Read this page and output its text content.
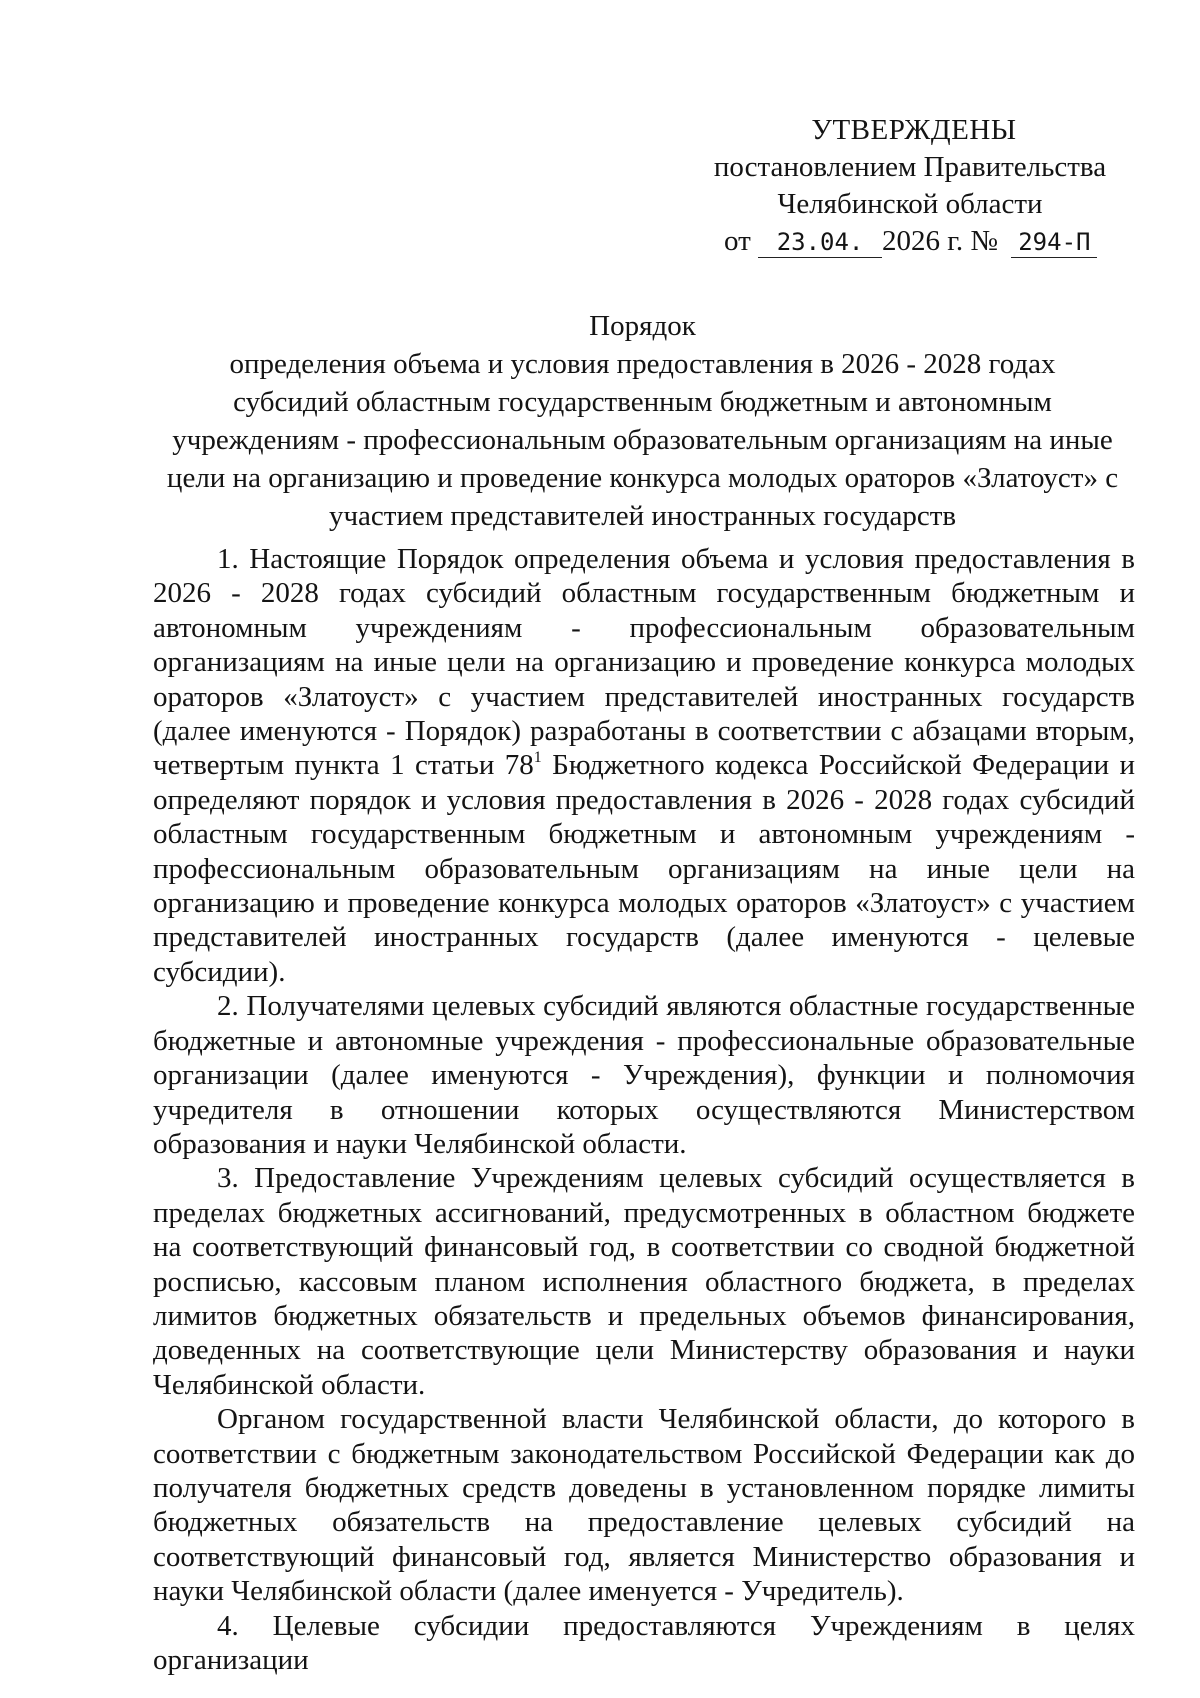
УТВЕРЖДЕНЫ
постановлением Правительства
Челябинской области
от 23.04. 2026 г. № 294-П
Порядок
определения объема и условия предоставления в 2026 - 2028 годах
субсидий областным государственным бюджетным и автономным
учреждениям - профессиональным образовательным организациям на иные
цели на организацию и проведение конкурса молодых ораторов «Златоуст» с
участием представителей иностранных государств

1. Настоящие Порядок определения объема и условия предоставления в 2026 - 2028 годах субсидий областным государственным бюджетным и автономным учреждениям - профессиональным образовательным организациям на иные цели на организацию и проведение конкурса молодых ораторов «Златоуст» с участием представителей иностранных государств (далее именуются - Порядок) разработаны в соответствии с абзацами вторым, четвертым пункта 1 статьи $78^1$ Бюджетного кодекса Российской Федерации и определяют порядок и условия предоставления в 2026 - 2028 годах субсидий областным государственным бюджетным и автономным учреждениям - профессиональным образовательным организациям на иные цели на организацию и проведение конкурса молодых ораторов «Златоуст» с участием представителей иностранных государств (далее именуются - целевые субсидии).

2. Получателями целевых субсидий являются областные государственные бюджетные и автономные учреждения - профессиональные образовательные организации (далее именуются - Учреждения), функции и полномочия учредителя в отношении которых осуществляются Министерством образования и науки Челябинской области.

3. Предоставление Учреждениям целевых субсидий осуществляется в пределах бюджетных ассигнований, предусмотренных в областном бюджете на соответствующий финансовый год, в соответствии со сводной бюджетной росписью, кассовым планом исполнения областного бюджета, в пределах лимитов бюджетных обязательств и предельных объемов финансирования, доведенных на соответствующие цели Министерству образования и науки Челябинской области.

Органом государственной власти Челябинской области, до которого в соответствии с бюджетным законодательством Российской Федерации как до получателя бюджетных средств доведены в установленном порядке лимиты бюджетных обязательств на предоставление целевых субсидий на соответствующий финансовый год, является Министерство образования и науки Челябинской области (далее именуется - Учредитель).

4. Целевые субсидии предоставляются Учреждениям в целях организации
